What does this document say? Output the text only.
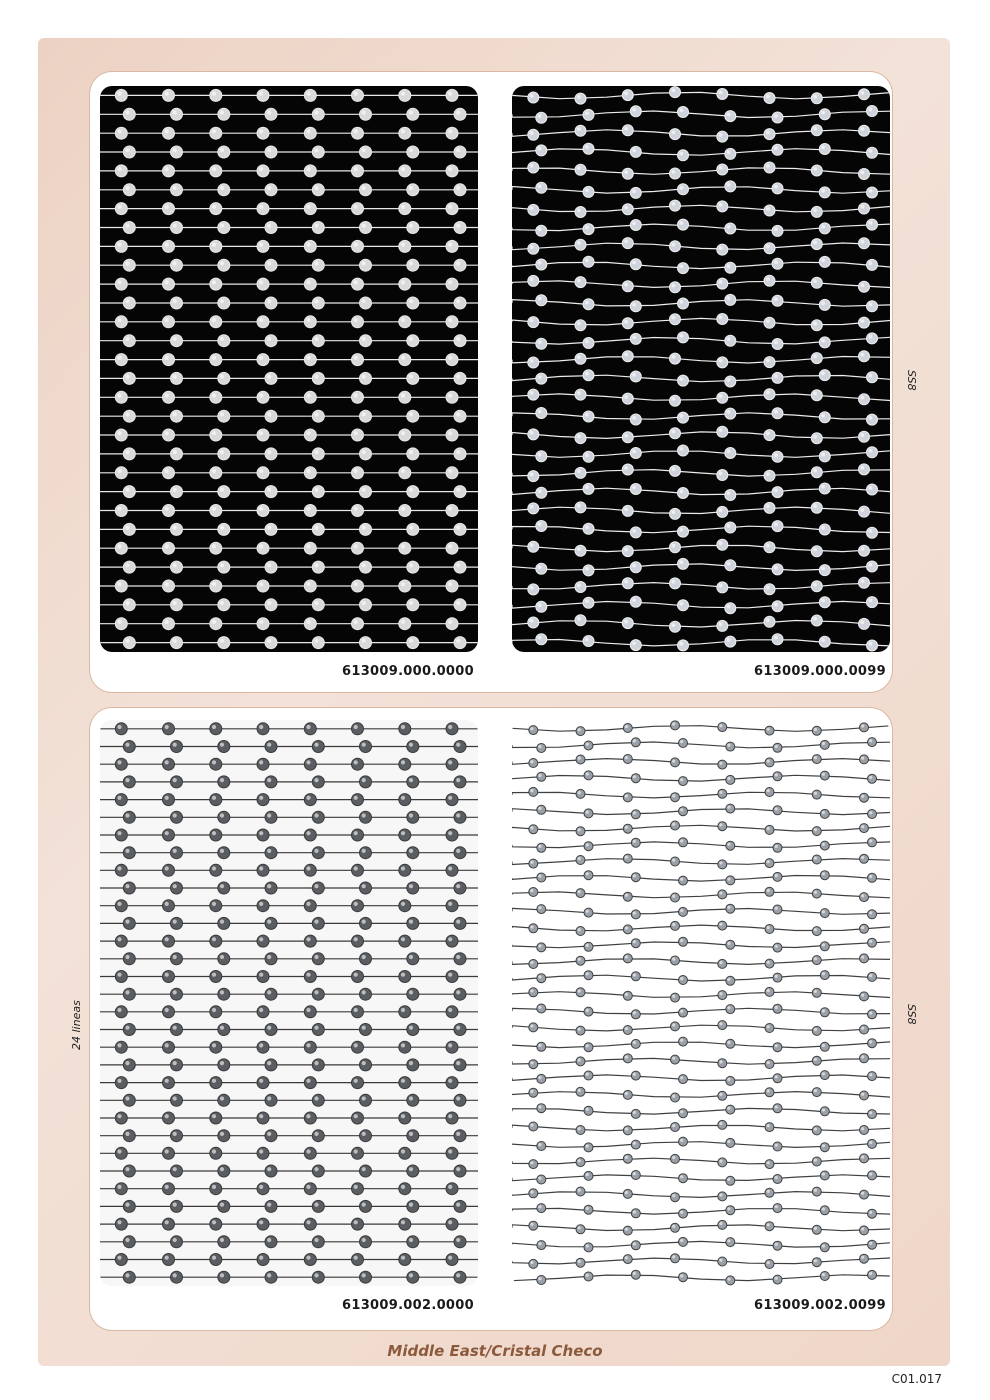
613009.000.0000	613009.000.0099
613009.002.0000	613009.002.0099
SS8
SS8
24 lineas
Middle East/Cristal Checo
C01.017
